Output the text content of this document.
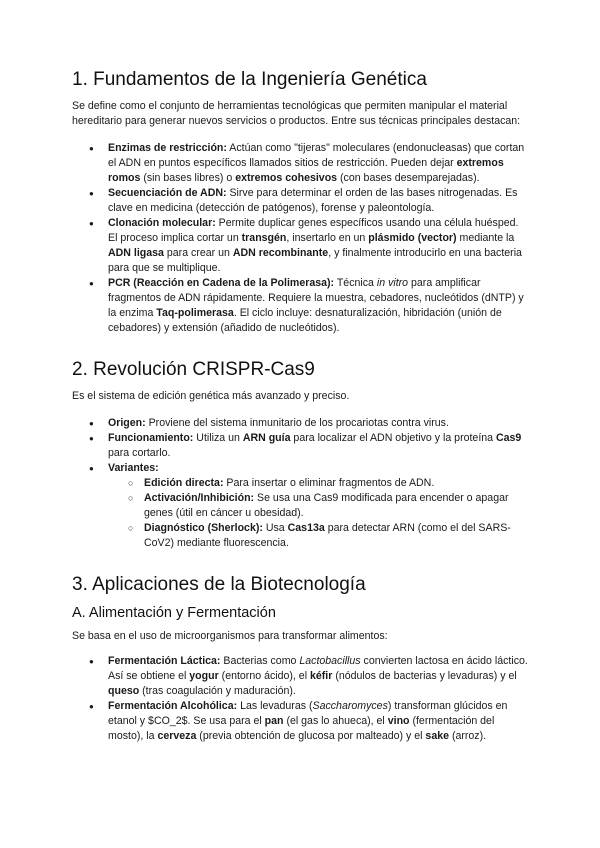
1. Fundamentos de la Ingeniería Genética

Se define como el conjunto de herramientas tecnológicas que permiten manipular el material hereditario para generar nuevos servicios o productos. Entre sus técnicas principales destacan:

● Enzimas de restricción: Actúan como "tijeras" moleculares (endonucleasas) que cortan el ADN en puntos específicos llamados sitios de restricción. Pueden dejar extremos romos (sin bases libres) o extremos cohesivos (con bases desemparejadas).
● Secuenciación de ADN: Sirve para determinar el orden de las bases nitrogenadas. Es clave en medicina (detección de patógenos), forense y paleontología.
● Clonación molecular: Permite duplicar genes específicos usando una célula huésped. El proceso implica cortar un transgén, insertarlo en un plásmido (vector) mediante la ADN ligasa para crear un ADN recombinante, y finalmente introducirlo en una bacteria para que se multiplique.
● PCR (Reacción en Cadena de la Polimerasa): Técnica in vitro para amplificar fragmentos de ADN rápidamente. Requiere la muestra, cebadores, nucleótidos (dNTP) y la enzima Taq-polimerasa. El ciclo incluye: desnaturalización, hibridación (unión de cebadores) y extensión (añadido de nucleótidos).
2. Revolución CRISPR-Cas9

Es el sistema de edición genética más avanzado y preciso.

● Origen: Proviene del sistema inmunitario de los procariotas contra virus.
● Funcionamiento: Utiliza un ARN guía para localizar el ADN objetivo y la proteína Cas9 para cortarlo.
● Variantes:
○ Edición directa: Para insertar o eliminar fragmentos de ADN.
○ Activación/Inhibición: Se usa una Cas9 modificada para encender o apagar genes (útil en cáncer u obesidad).
○ Diagnóstico (Sherlock): Usa Cas13a para detectar ARN (como el del SARS-CoV2) mediante fluorescencia.
3. Aplicaciones de la Biotecnología
A. Alimentación y Fermentación

Se basa en el uso de microorganismos para transformar alimentos:

● Fermentación Láctica: Bacterias como Lactobacillus convierten lactosa en ácido láctico. Así se obtiene el yogur (entorno ácido), el kéfir (nódulos de bacterias y levaduras) y el queso (tras coagulación y maduración).
● Fermentación Alcohólica: Las levaduras (Saccharomyces) transforman glúcidos en etanol y $CO_2$. Se usa para el pan (el gas lo ahueca), el vino (fermentación del mosto), la cerveza (previa obtención de glucosa por malteado) y el sake (arroz).
